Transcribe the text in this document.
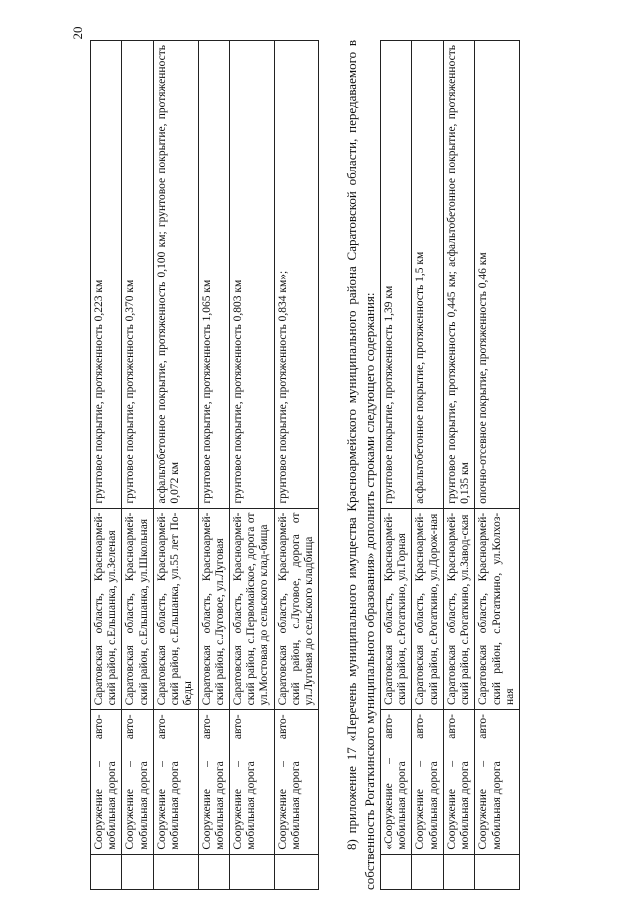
20
	Сооружение – авто-мобильная дорога	Саратовская область, Красноармей-ский район, с.Ельшанка, ул.Зеленая	грунтовое покрытие, протяженность 0,223 км
	Сооружение – авто-мобильная дорога	Саратовская область, Красноармей-ский район, с.Ельшанка, ул.Школьная	грунтовое покрытие, протяженность 0,370 км
	Сооружение – авто-мобильная дорога	Саратовская область, Красноармей-ский район, с.Ельшанка, ул.55 лет По-беды	асфальтобетонное покрытие, протяженность 0,100 км; грунтовое покрытие, протяженность 0,072 км
	Сооружение – авто-мобильная дорога	Саратовская область, Красноармей-ский район, с.Луговое, ул.Луговая	грунтовое покрытие, протяженность 1,065 км
	Сооружение – авто-мобильная дорога	Саратовская область, Красноармей-ский район, с.Первомайское, дорога от ул.Мостовая до сельского клад-бища	грунтовое покрытие, протяженность 0,803 км
	Сооружение – авто-мобильная дорога	Саратовская область, Красноармей-ский район, с.Луговое, дорога от ул.Луговая до сельского кладбища	грунтовое покрытие, протяженность 0,834 км»;	8) приложение 17 «Перечень муниципального имущества Красноармейского муниципального района Саратовской области, передаваемого в собственность Рогаткинского муниципального образования» дополнить строками следующего содержания:

	«Сооружение – авто-мобильная дорога	Саратовская область, Красноармей-ский район, с.Рогаткино, ул.Горная	грунтовое покрытие, протяженность 1,39 км
	Сооружение – авто-мобильная дорога	Саратовская область, Красноармей-ский район, с.Рогаткино, ул.Дорож-ная	асфальтобетонное покрытие, протяженность 1,5 км
	Сооружение – авто-мобильная дорога	Саратовская область, Красноармей-ский район, с.Рогаткино, ул.Завод-ская	грунтовое покрытие, протяженность 0,445 км; асфальтобетонное покрытие, протяженность 0,135 км
	Сооружение – авто-мобильная дорога	Саратовская область, Красноармей-ский район, с.Рогаткино, ул.Колхоз-ная	опочно-отсевное покрытие, протяженность 0,46 км
